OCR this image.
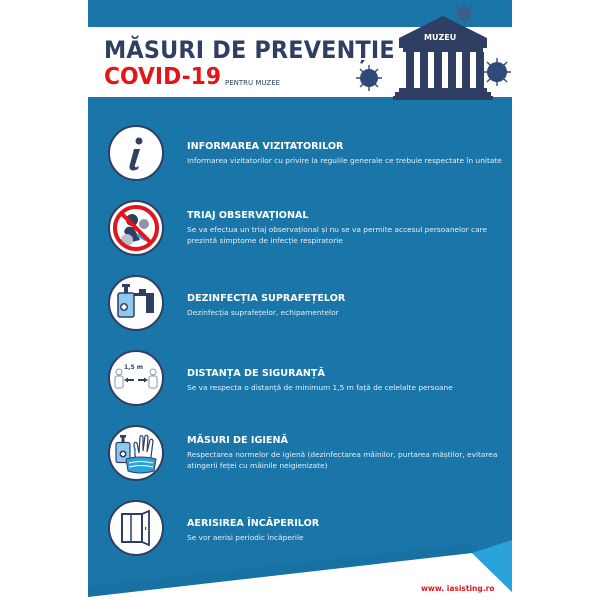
MĂSURI DE PREVENȚIE
COVID-19 PENTRU MUZEE
MUZEU
INFORMAREA VIZITATORILOR
Informarea vizitatorilor cu privire la regulile generale ce trebuie respectate în unitate
TRIAJ OBSERVAȚIONAL
Se va efectua un triaj observațional și nu se va permite accesul persoanelor care prezintă simptome de infecție respiratorie
DEZINFECȚIA SUPRAFEȚELOR
Dezinfecția suprafețelor, echipamentelor
1,5 m
DISTANȚA DE SIGURANȚĂ
Se va respecta o distanță de minimum 1,5 m față de celelalte persoane
MĂSURI DE IGIENĂ
Respectarea normelor de igienă (dezinfectarea mâinilor, purtarea măștilor, evitarea atingerii feței cu mâinile neigienizate)
AERISIREA ÎNCĂPERILOR
Se vor aerisi periodic încăperile
www. iasisting.ro
